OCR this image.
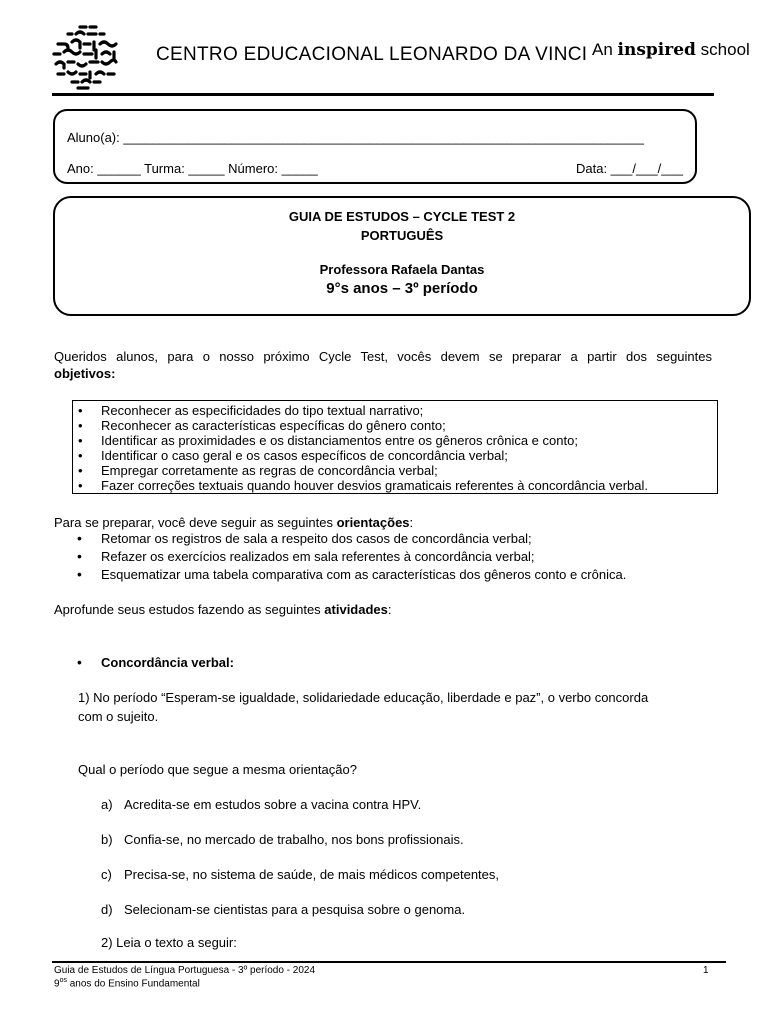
CENTRO EDUCACIONAL LEONARDO DA VINCI An inspired school
Aluno(a): ________________________________________________________________________
Ano: ______ Turma: _____ Número: _____	Data: ___/___/___
GUIA DE ESTUDOS – CYCLE TEST 2
PORTUGUÊS
Professora Rafaela Dantas
9°s anos – 3º período
Queridos alunos, para o nosso próximo Cycle Test, vocês devem se preparar a partir dos seguintes
objetivos:
• Reconhecer as especificidades do tipo textual narrativo;
• Reconhecer as características específicas do gênero conto;
• Identificar as proximidades e os distanciamentos entre os gêneros crônica e conto;
• Identificar o caso geral e os casos específicos de concordância verbal;
• Empregar corretamente as regras de concordância verbal;
• Fazer correções textuais quando houver desvios gramaticais referentes à concordância verbal.
Para se preparar, você deve seguir as seguintes orientações:
• Retomar os registros de sala a respeito dos casos de concordância verbal;
• Refazer os exercícios realizados em sala referentes à concordância verbal;
• Esquematizar uma tabela comparativa com as características dos gêneros conto e crônica.
Aprofunde seus estudos fazendo as seguintes atividades:
• Concordância verbal:
1) No período “Esperam-se igualdade, solidariedade educação, liberdade e paz”, o verbo concorda
com o sujeito.
Qual o período que segue a mesma orientação?
a) Acredita-se em estudos sobre a vacina contra HPV.
b) Confia-se, no mercado de trabalho, nos bons profissionais.
c) Precisa-se, no sistema de saúde, de mais médicos competentes,
d) Selecionam-se cientistas para a pesquisa sobre o genoma.
2) Leia o texto a seguir:
Guia de Estudos de Língua Portuguesa - 3º período - 2024
$9^{os}$ anos do Ensino Fundamental
1
